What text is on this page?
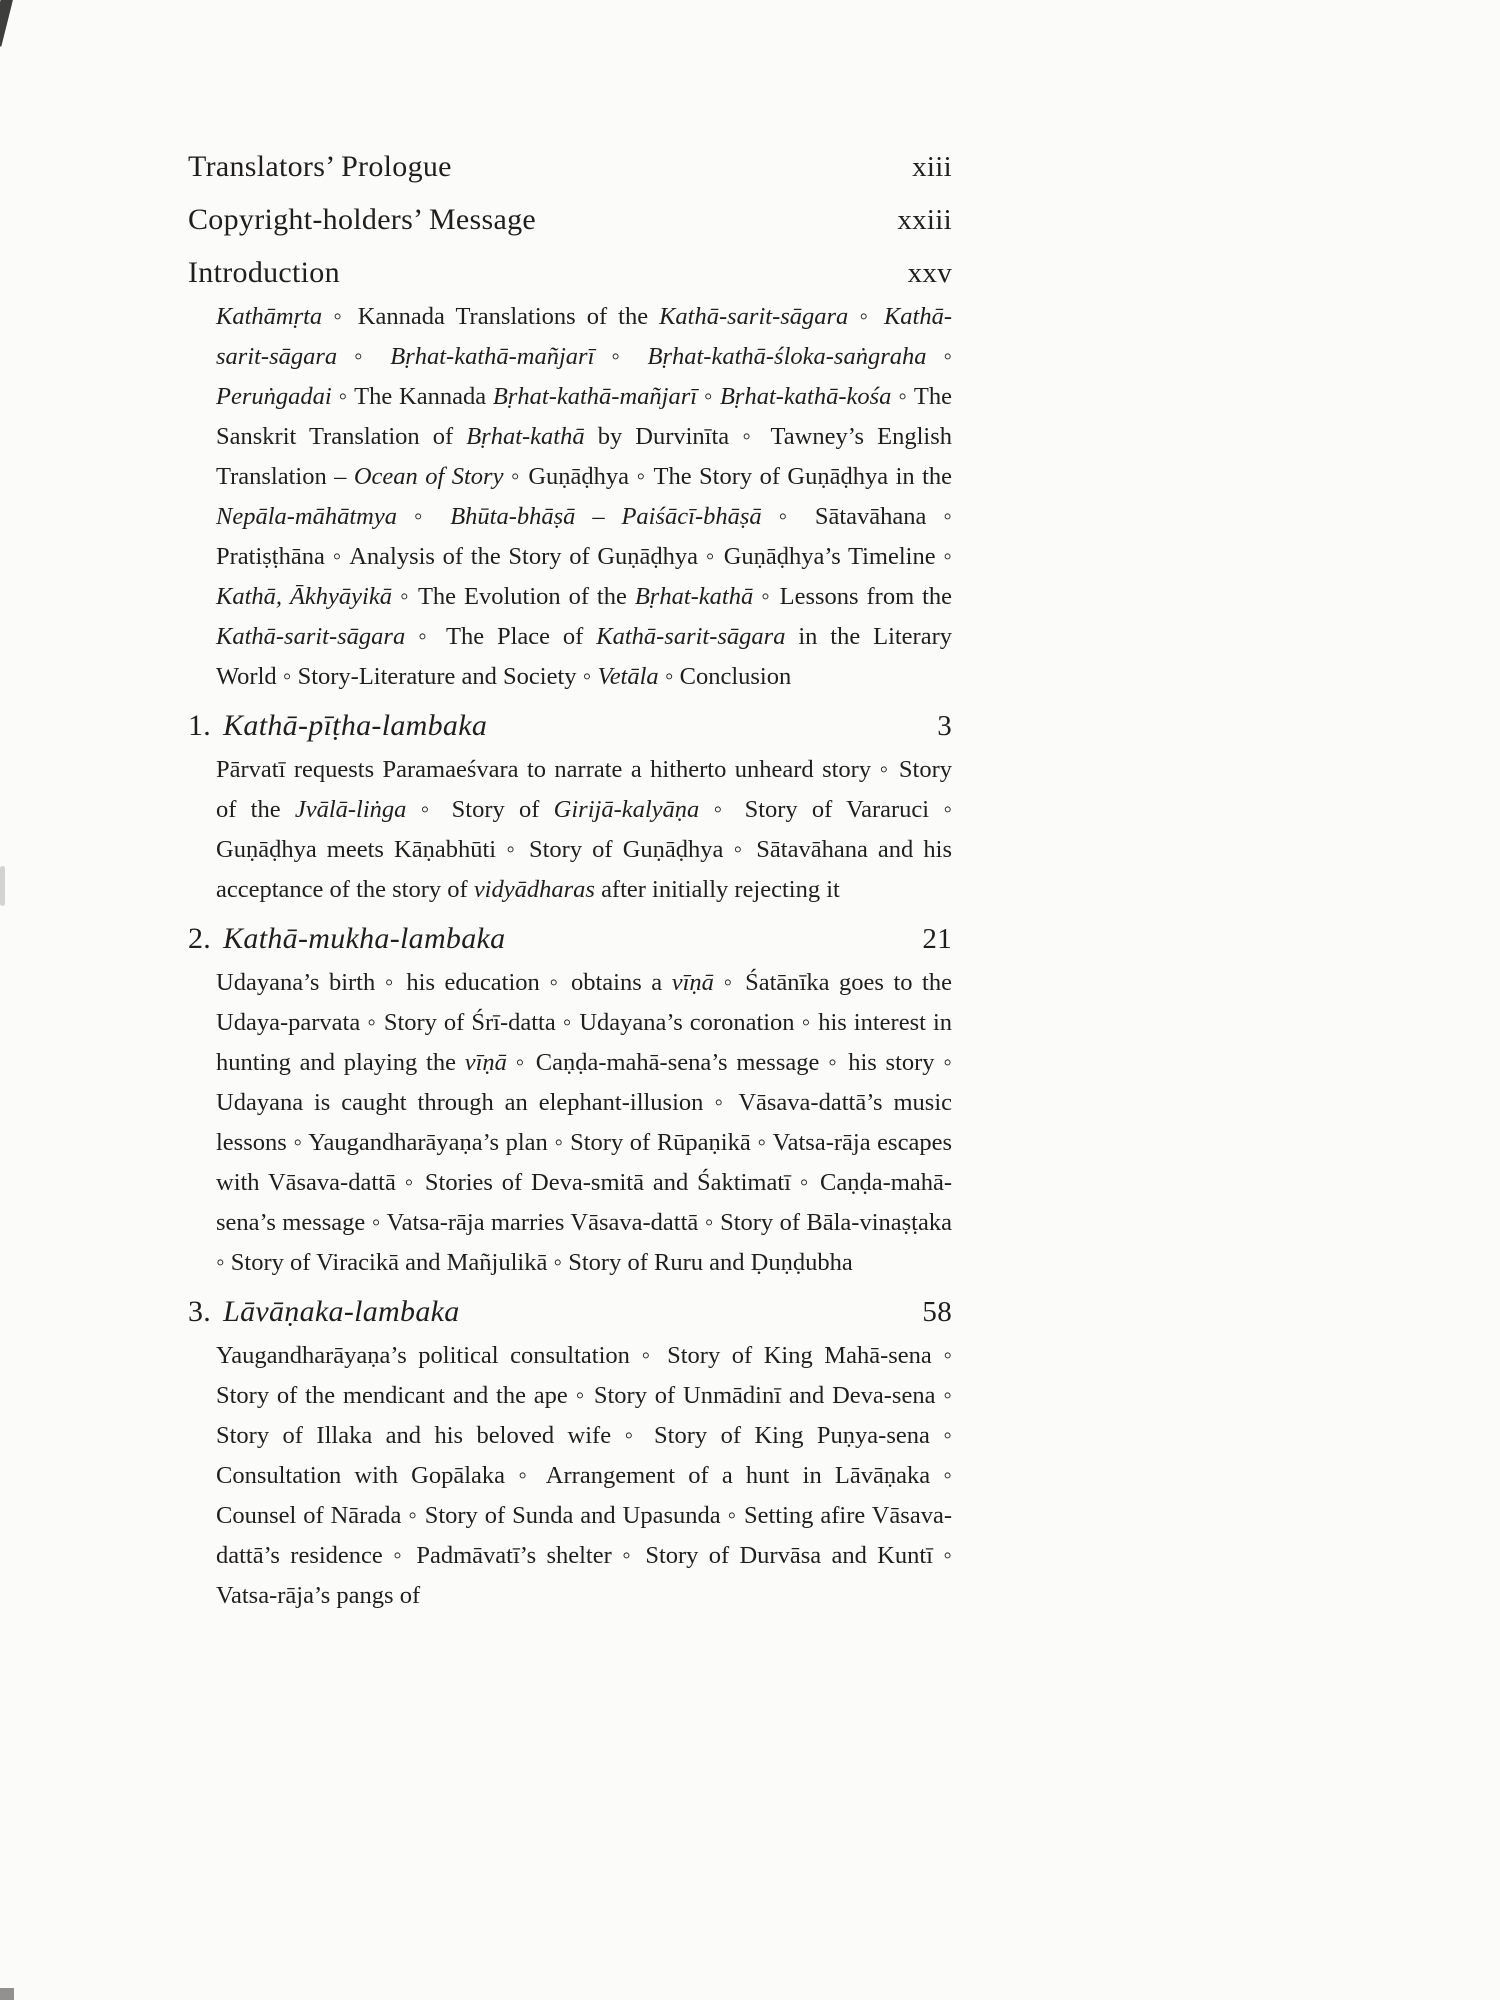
Translators’ Prologue	xiii
Copyright-holders’ Message	xxiii
Introduction	xxv

Kathāmṛta ◦ Kannada Translations of the Kathā-sarit-sāgara ◦ Kathā-sarit-sāgara ◦ Bṛhat-kathā-mañjarī ◦ Bṛhat-kathā-śloka-saṅgraha ◦ Peruṅgadai ◦ The Kannada Bṛhat-kathā-mañjarī ◦ Bṛhat-kathā-kośa ◦ The Sanskrit Translation of Bṛhat-kathā by Durvinīta ◦ Tawney’s English Translation – Ocean of Story ◦ Guṇāḍhya ◦ The Story of Guṇāḍhya in the Nepāla-māhātmya ◦ Bhūta-bhāṣā – Paiśācī-bhāṣā ◦ Sātavāhana ◦ Pratiṣṭhāna ◦ Analysis of the Story of Guṇāḍhya ◦ Guṇāḍhya’s Timeline ◦ Kathā, Ākhyāyikā ◦ The Evolution of the Bṛhat-kathā ◦ Lessons from the Kathā-sarit-sāgara ◦ The Place of Kathā-sarit-sāgara in the Literary World ◦ Story-Literature and Society ◦ Vetāla ◦ Conclusion

1. Kathā-pīṭha-lambaka	3

Pārvatī requests Paramaeśvara to narrate a hitherto unheard story ◦ Story of the Jvālā-liṅga ◦ Story of Girijā-kalyāṇa ◦ Story of Vararuci ◦ Guṇāḍhya meets Kāṇabhūti ◦ Story of Guṇāḍhya ◦ Sātavāhana and his acceptance of the story of vidyādharas after initially rejecting it

2. Kathā-mukha-lambaka	21

Udayana’s birth ◦ his education ◦ obtains a vīṇā ◦ Śatānīka goes to the Udaya-parvata ◦ Story of Śrī-datta ◦ Udayana’s coronation ◦ his interest in hunting and playing the vīṇā ◦ Caṇḍa-mahā-sena’s message ◦ his story ◦ Udayana is caught through an elephant-illusion ◦ Vāsava-dattā’s music lessons ◦ Yaugandharāyaṇa’s plan ◦ Story of Rūpaṇikā ◦ Vatsa-rāja escapes with Vāsava-dattā ◦ Stories of Deva-smitā and Śaktimatī ◦ Caṇḍa-mahā-sena’s message ◦ Vatsa-rāja marries Vāsava-dattā ◦ Story of Bāla-vinaṣṭaka ◦ Story of Viracikā and Mañjulikā ◦ Story of Ruru and Ḍuṇḍubha

3. Lāvāṇaka-lambaka	58

Yaugandharāyaṇa’s political consultation ◦ Story of King Mahā-sena ◦ Story of the mendicant and the ape ◦ Story of Unmādinī and Deva-sena ◦ Story of Illaka and his beloved wife ◦ Story of King Puṇya-sena ◦ Consultation with Gopālaka ◦ Arrangement of a hunt in Lāvāṇaka ◦ Counsel of Nārada ◦ Story of Sunda and Upasunda ◦ Setting afire Vāsava-dattā’s residence ◦ Padmāvatī’s shelter ◦ Story of Durvāsa and Kuntī ◦ Vatsa-rāja’s pangs of
